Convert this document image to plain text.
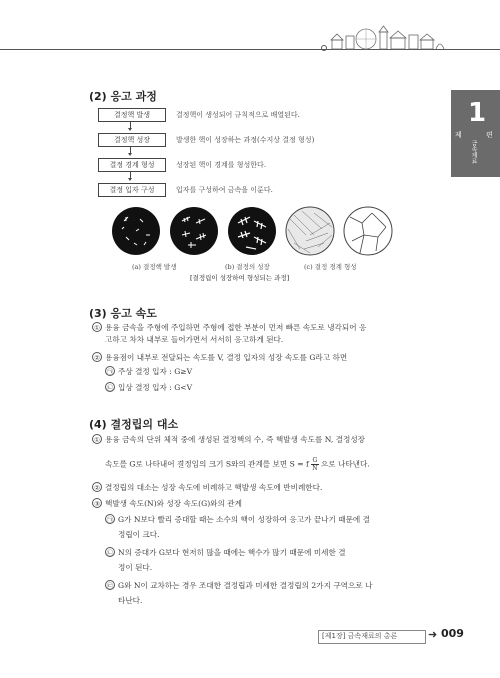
1
제	편
금속재료
(2) 응고 과정
결정핵 발생	결정핵이 생성되어 규칙적으로 배열된다.
결정핵 성장	발생한 핵이 성장하는 과정(수지상 결정 형성)
결정 경계 형성	성장된 핵이 경계를 형성한다.
결정 입자 구성	입자를 구성하여 금속을 이룬다.
(a) 결정핵 발생	(b) 결정의 성장	(c) 결정 경계 형성
[결정립이 성장하여 형성되는 과정]
(3) 응고 속도
① 용융 금속을 주형에 주입하면 주형에 접한 부분이 먼저 빠른 속도로 냉각되어 응
고하고 차차 내부로 들어가면서 서서히 응고하게 된다.
② 용융점이 내부로 전달되는 속도를 V, 결정 입자의 성장 속도를 G라고 하면
㉠ 주상 결정 입자 : G≥V
㉡ 입상 결정 입자 : G<V
(4) 결정립의 대소
① 용융 금속의 단위 체적 중에 생성된 결정핵의 수, 즉 핵발생 속도를 N, 결정성장
속도를 G로 나타내어 결정입의 크기 S와의 관계를 보면 S = f $\frac{G}{N}$ 으로 나타낸다.
② 결정립의 대소는 성장 속도에 비례하고 핵발생 속도에 반비례한다.
③ 핵발생 속도(N)와 성장 속도(G)와의 관계
㉠ G가 N보다 빨리 증대할 때는 소수의 핵이 성장하여 응고가 끝나기 때문에 결
정립이 크다.
㉡ N의 증대가 G보다 현저히 많을 때에는 핵수가 많기 때문에 미세한 결
정이 된다.
㉢ G와 N이 교차하는 경우 조대한 결정립과 미세한 결정립의 2가지 구역으로 나
타난다.
[제1장] 금속재료의 총론	➜ 009
